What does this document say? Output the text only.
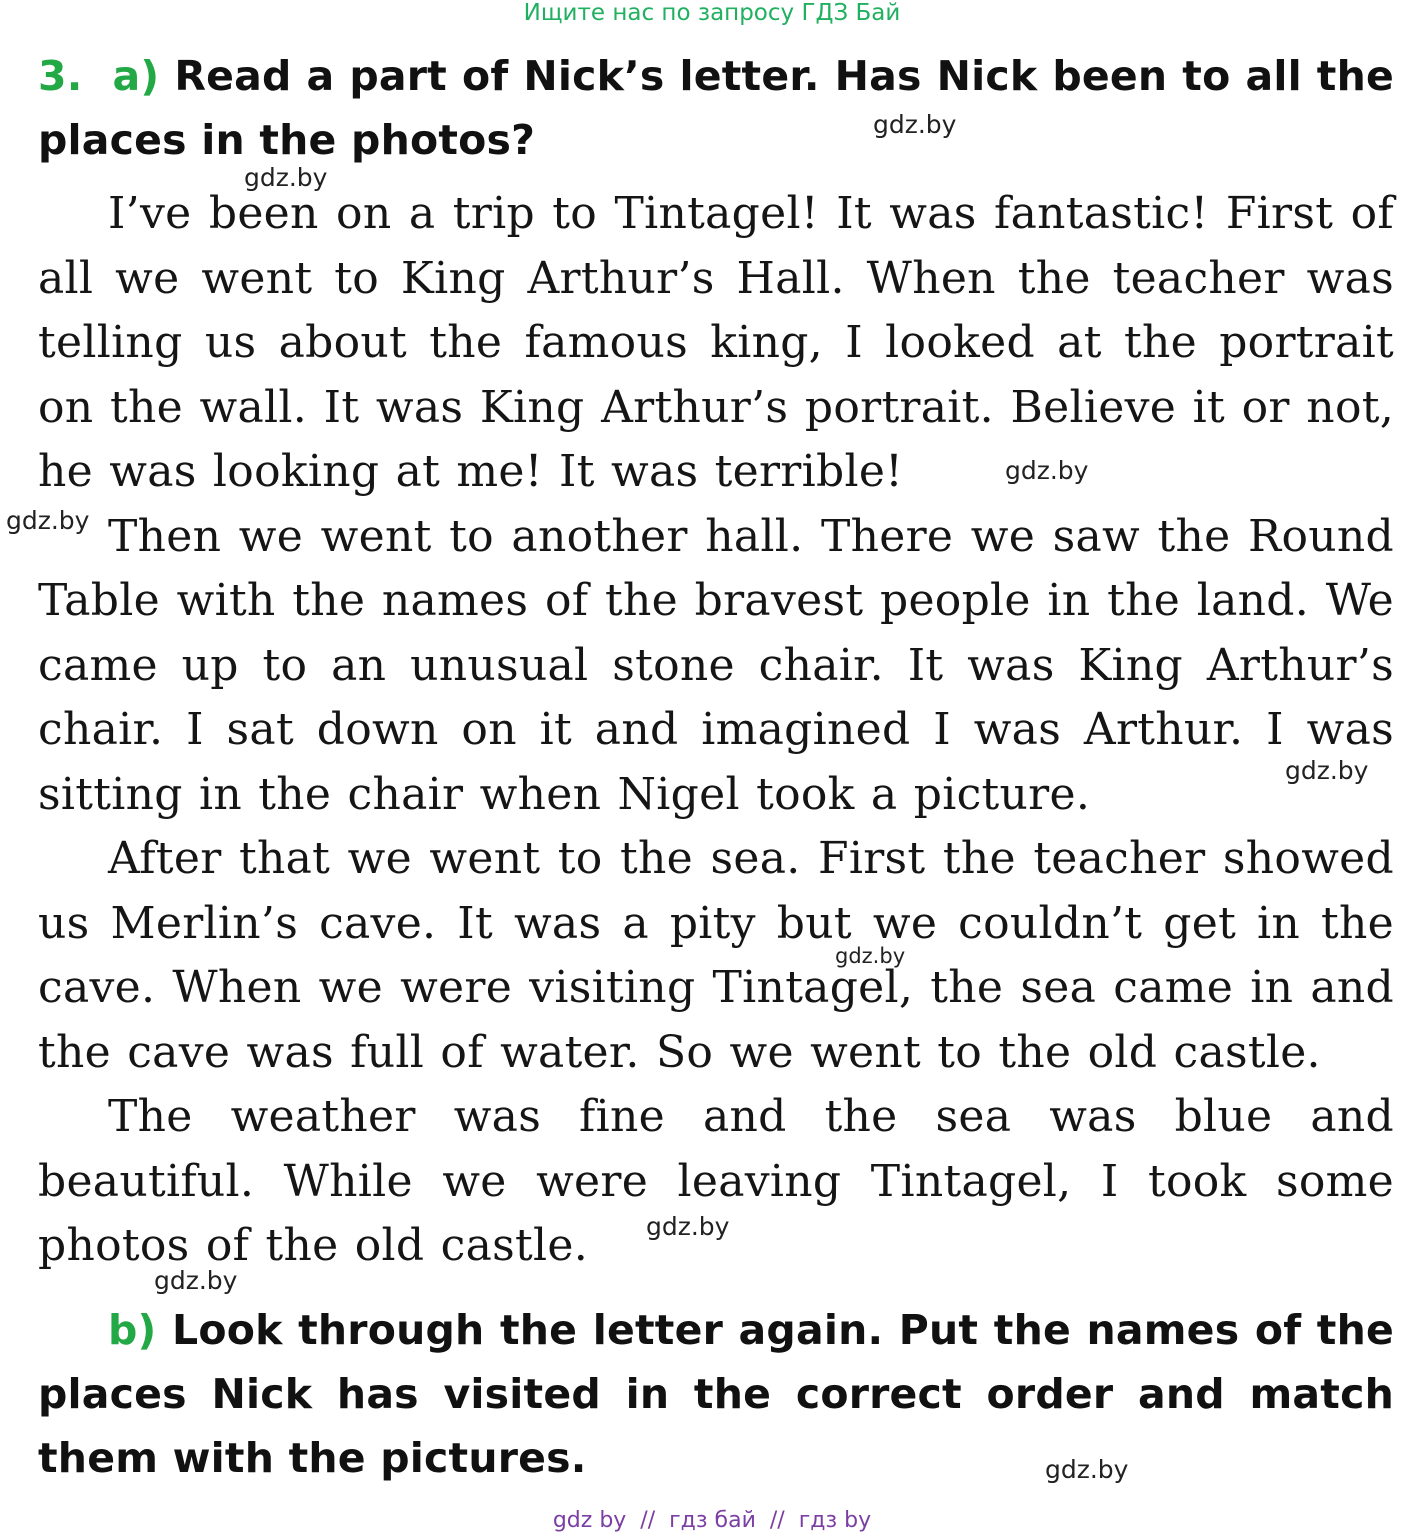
Ищите нас по запросу ГДЗ Бай
3. a) Read a part of Nick’s letter. Has Nick been to all the places in the photos?

I’ve been on a trip to Tintagel! It was fantastic! First of all we went to King Arthur’s Hall. When the teacher was telling us about the famous king, I looked at the portrait on the wall. It was King Arthur’s portrait. Believe it or not, he was looking at me! It was terrible!

Then we went to another hall. There we saw the Round Table with the names of the bravest people in the land. We came up to an unusual stone chair. It was King Arthur’s chair. I sat down on it and imagined I was Arthur. I was sitting in the chair when Nigel took a picture.

After that we went to the sea. First the teacher showed us Merlin’s cave. It was a pity but we couldn’t get in the cave. When we were visiting Tintagel, the sea came in and the cave was full of water. So we went to the old castle.

The weather was fine and the sea was blue and beautiful. While we were leaving Tintagel, I took some photos of the old castle.

b) Look through the letter again. Put the names of the places Nick has visited in the correct order and match them with the pictures.
gdz.by
gdz.by
gdz.by
gdz.by
gdz.by
gdz.by
gdz.by
gdz.by
gdz.by
gdz by  //  гдз бай  //  гдз by
